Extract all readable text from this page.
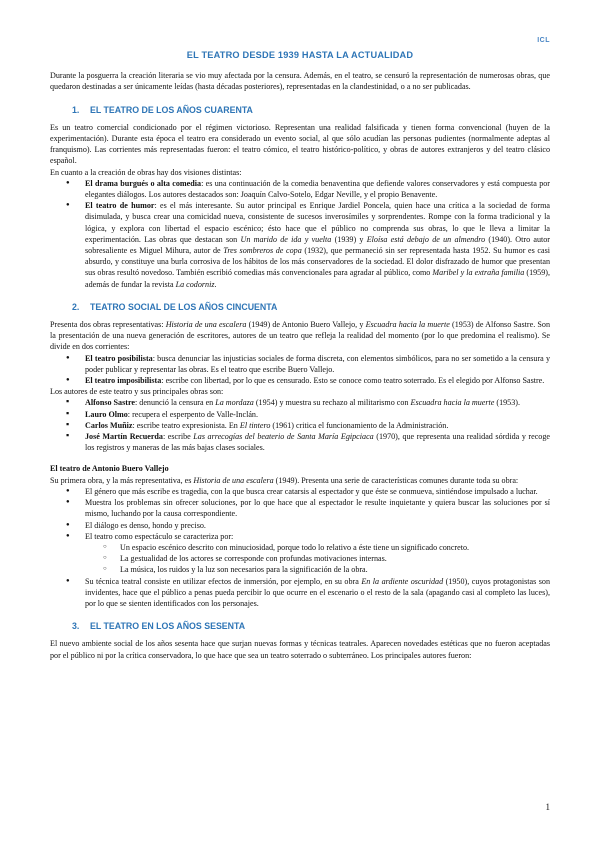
ICL
EL TEATRO DESDE 1939 HASTA LA ACTUALIDAD

Durante la posguerra la creación literaria se vio muy afectada por la censura. Además, en el teatro, se censuró la representación de numerosas obras, que quedaron destinadas a ser únicamente leídas (hasta décadas posteriores), representadas en la clandestinidad, o a no ser publicadas.

1. EL TEATRO DE LOS AÑOS CUARENTA

Es un teatro comercial condicionado por el régimen victorioso. Representan una realidad falsificada y tienen forma convencional (huyen de la experimentación). Durante esta época el teatro era considerado un evento social, al que sólo acudían las personas pudientes (normalmente adeptas al franquismo). Las corrientes más representadas fueron: el teatro cómico, el teatro histórico-político, y obras de autores extranjeros y del teatro clásico español.

En cuanto a la creación de obras hay dos visiones distintas:

● El drama burgués o alta comedia: es una continuación de la comedia benaventina que defiende valores conservadores y está compuesta por elegantes diálogos. Los autores destacados son: Joaquín Calvo-Sotelo, Edgar Neville, y el propio Benavente.
● El teatro de humor: es el más interesante. Su autor principal es Enrique Jardiel Poncela, quien hace una crítica a la sociedad de forma disimulada, y busca crear una comicidad nueva, consistente de sucesos inverosímiles y sorprendentes. Rompe con la forma tradicional y la lógica, y explora con libertad el espacio escénico; ésto hace que el público no comprenda sus obras, lo que le lleva a limitar la experimentación. Las obras que destacan son Un marido de ida y vuelta (1939) y Eloísa está debajo de un almendro (1940). Otro autor sobresaliente es Miguel Mihura, autor de Tres sombreros de copa (1932), que permaneció sin ser representada hasta 1952. Su humor es casi absurdo, y constituye una burla corrosiva de los hábitos de los más conservadores de la sociedad. El dolor disfrazado de humor que presentan sus obras resultó novedoso. También escribió comedias más convencionales para agradar al público, como Maribel y la extraña familia (1959), además de fundar la revista La codorniz.
2. TEATRO SOCIAL DE LOS AÑOS CINCUENTA

Presenta dos obras representativas: Historia de una escalera (1949) de Antonio Buero Vallejo, y Escuadra hacia la muerte (1953) de Alfonso Sastre. Son la presentación de una nueva generación de escritores, autores de un teatro que refleja la realidad del momento (por lo que predomina el realismo). Se divide en dos corrientes:

● El teatro posibilista: busca denunciar las injusticias sociales de forma discreta, con elementos simbólicos, para no ser sometido a la censura y poder publicar y representar las obras. Es el teatro que escribe Buero Vallejo.
● El teatro imposibilista: escribe con libertad, por lo que es censurado. Esto se conoce como teatro soterrado. Es el elegido por Alfonso Sastre.

Los autores de este teatro y sus principales obras son:

▪ Alfonso Sastre: denunció la censura en La mordaza (1954) y muestra su rechazo al militarismo con Escuadra hacia la muerte (1953).
▪ Lauro Olmo: recupera el esperpento de Valle-Inclán.
▪ Carlos Muñiz: escribe teatro expresionista. En El tintero (1961) critica el funcionamiento de la Administración.
▪ José Martín Recuerda: escribe Las arrecogías del beaterio de Santa María Egipciaca (1970), que representa una realidad sórdida y recoge los registros y maneras de las más bajas clases sociales.
El teatro de Antonio Buero Vallejo

Su primera obra, y la más representativa, es Historia de una escalera (1949). Presenta una serie de características comunes durante toda su obra:

● El género que más escribe es tragedia, con la que busca crear catarsis al espectador y que éste se conmueva, sintiéndose impulsado a luchar.
● Muestra los problemas sin ofrecer soluciones, por lo que hace que al espectador le resulte inquietante y quiera buscar las soluciones por sí mismo, luchando por la causa correspondiente.
● El diálogo es denso, hondo y preciso.
● El teatro como espectáculo se caracteriza por:
○ Un espacio escénico descrito con minuciosidad, porque todo lo relativo a éste tiene un significado concreto.
○ La gestualidad de los actores se corresponde con profundas motivaciones internas.
○ La música, los ruidos y la luz son necesarios para la significación de la obra.
● Su técnica teatral consiste en utilizar efectos de inmersión, por ejemplo, en su obra En la ardiente oscuridad (1950), cuyos protagonistas son invidentes, hace que el público a penas pueda percibir lo que ocurre en el escenario o el resto de la sala (apagando casi al completo las luces), por lo que se sienten identificados con los personajes.
3. EL TEATRO EN LOS AÑOS SESENTA

El nuevo ambiente social de los años sesenta hace que surjan nuevas formas y técnicas teatrales. Aparecen novedades estéticas que no fueron aceptadas por el público ni por la crítica conservadora, lo que hace que sea un teatro soterrado o subterráneo. Los principales autores fueron:

1
